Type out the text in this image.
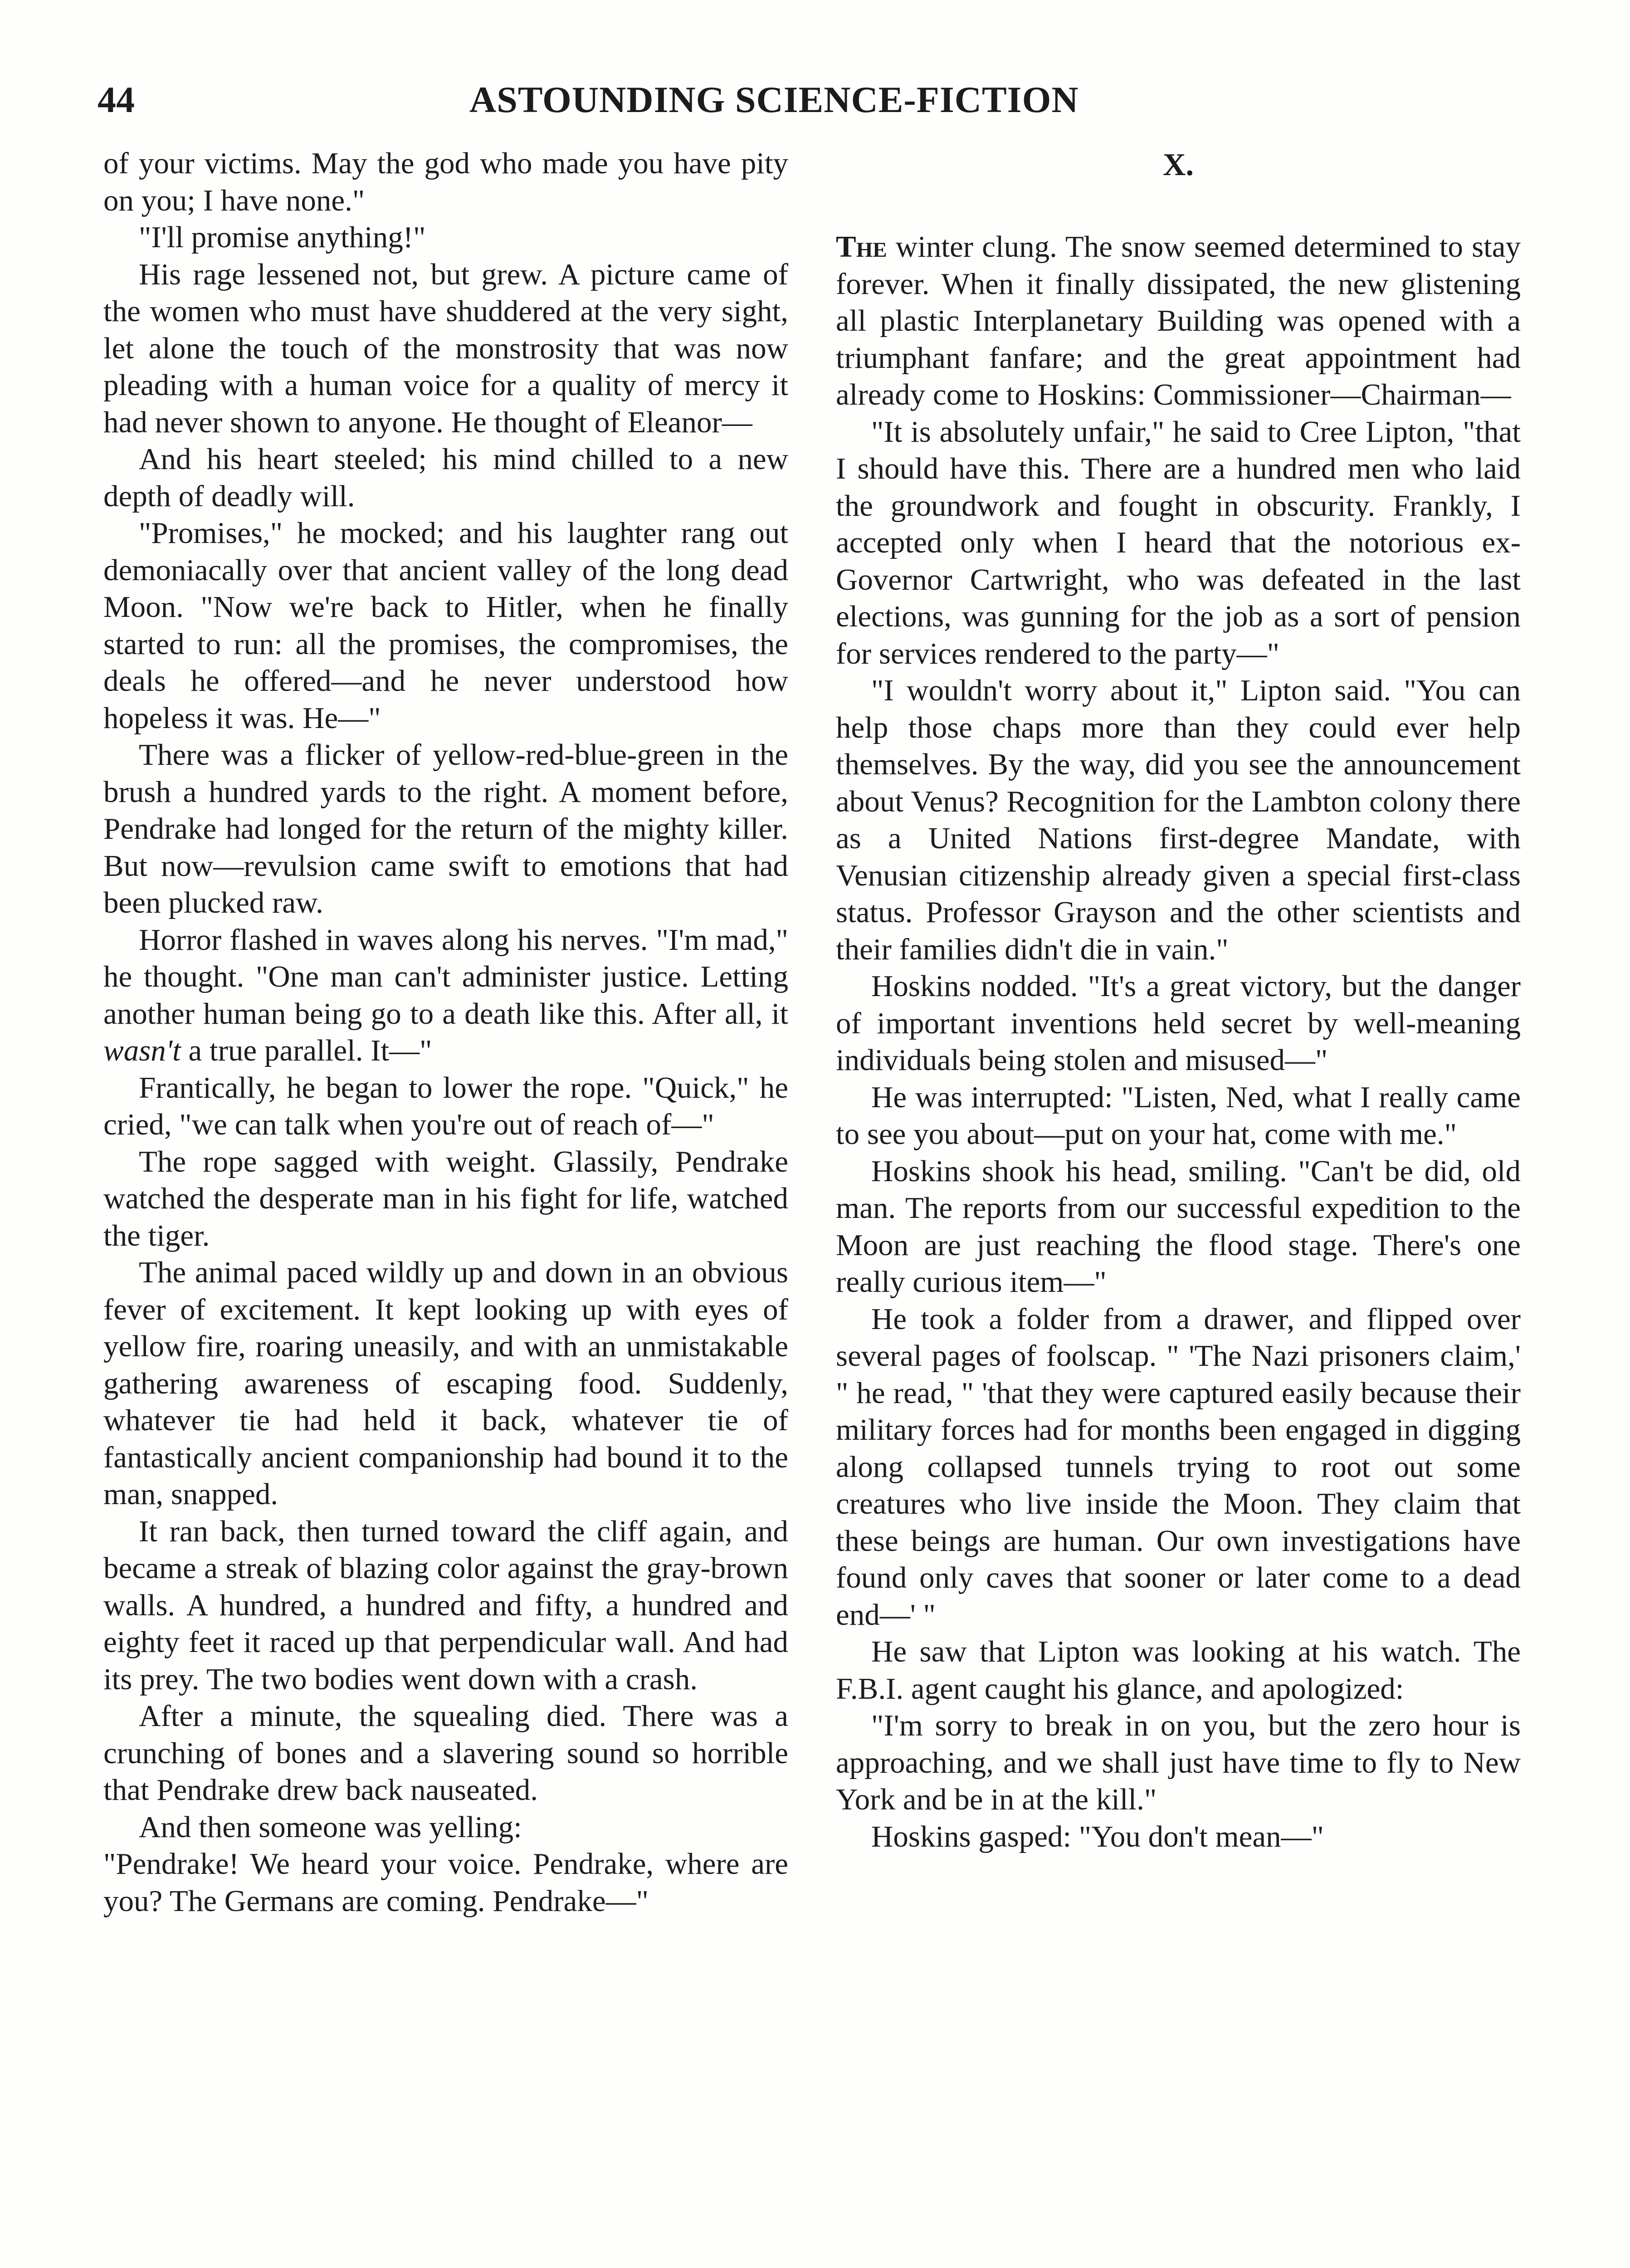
44	ASTOUNDING SCIENCE-FICTION

of your victims. May the god who made you have pity on you; I have none."

"I'll promise anything!"

His rage lessened not, but grew. A picture came of the women who must have shuddered at the very sight, let alone the touch of the monstrosity that was now pleading with a human voice for a quality of mercy it had never shown to anyone. He thought of Eleanor—

And his heart steeled; his mind chilled to a new depth of deadly will.

"Promises," he mocked; and his laughter rang out demoniacally over that ancient valley of the long dead Moon. "Now we're back to Hitler, when he finally started to run: all the promises, the compromises, the deals he offered—and he never understood how hopeless it was. He—"

There was a flicker of yellow-red-blue-green in the brush a hundred yards to the right. A moment before, Pendrake had longed for the return of the mighty killer. But now—revulsion came swift to emotions that had been plucked raw.

Horror flashed in waves along his nerves. "I'm mad," he thought. "One man can't administer justice. Letting another human being go to a death like this. After all, it wasn't a true parallel. It—"

Frantically, he began to lower the rope. "Quick," he cried, "we can talk when you're out of reach of—"

The rope sagged with weight. Glassily, Pendrake watched the desperate man in his fight for life, watched the tiger.

The animal paced wildly up and down in an obvious fever of excitement. It kept looking up with eyes of yellow fire, roaring uneasily, and with an unmistakable gathering awareness of escaping food. Suddenly, whatever tie had held it back, whatever tie of fantastically ancient companionship had bound it to the man, snapped.

It ran back, then turned toward the cliff again, and became a streak of blazing color against the gray-brown walls. A hundred, a hundred and fifty, a hundred and eighty feet it raced up that perpendicular wall. And had its prey. The two bodies went down with a crash.

After a minute, the squealing died. There was a crunching of bones and a slavering sound so horrible that Pendrake drew back nauseated.

And then someone was yelling:

"Pendrake! We heard your voice. Pendrake, where are you? The Germans are coming. Pendrake—"

X.

The winter clung. The snow seemed determined to stay forever. When it finally dissipated, the new glistening all plastic Interplanetary Building was opened with a triumphant fanfare; and the great appointment had already come to Hoskins: Commissioner—Chairman—

"It is absolutely unfair," he said to Cree Lipton, "that I should have this. There are a hundred men who laid the groundwork and fought in obscurity. Frankly, I accepted only when I heard that the notorious ex-Governor Cartwright, who was defeated in the last elections, was gunning for the job as a sort of pension for services rendered to the party—"

"I wouldn't worry about it," Lipton said. "You can help those chaps more than they could ever help themselves. By the way, did you see the announcement about Venus? Recognition for the Lambton colony there as a United Nations first-degree Mandate, with Venusian citizenship already given a special first-class status. Professor Grayson and the other scientists and their families didn't die in vain."

Hoskins nodded. "It's a great victory, but the danger of important inventions held secret by well-meaning individuals being stolen and misused—"

He was interrupted: "Listen, Ned, what I really came to see you about—put on your hat, come with me."

Hoskins shook his head, smiling. "Can't be did, old man. The reports from our successful expedition to the Moon are just reaching the flood stage. There's one really curious item—"

He took a folder from a drawer, and flipped over several pages of foolscap. " 'The Nazi prisoners claim,' " he read, " 'that they were captured easily because their military forces had for months been engaged in digging along collapsed tunnels trying to root out some creatures who live inside the Moon. They claim that these beings are human. Our own investigations have found only caves that sooner or later come to a dead end—' "

He saw that Lipton was looking at his watch. The F.B.I. agent caught his glance, and apologized:

"I'm sorry to break in on you, but the zero hour is approaching, and we shall just have time to fly to New York and be in at the kill."

Hoskins gasped: "You don't mean—"
